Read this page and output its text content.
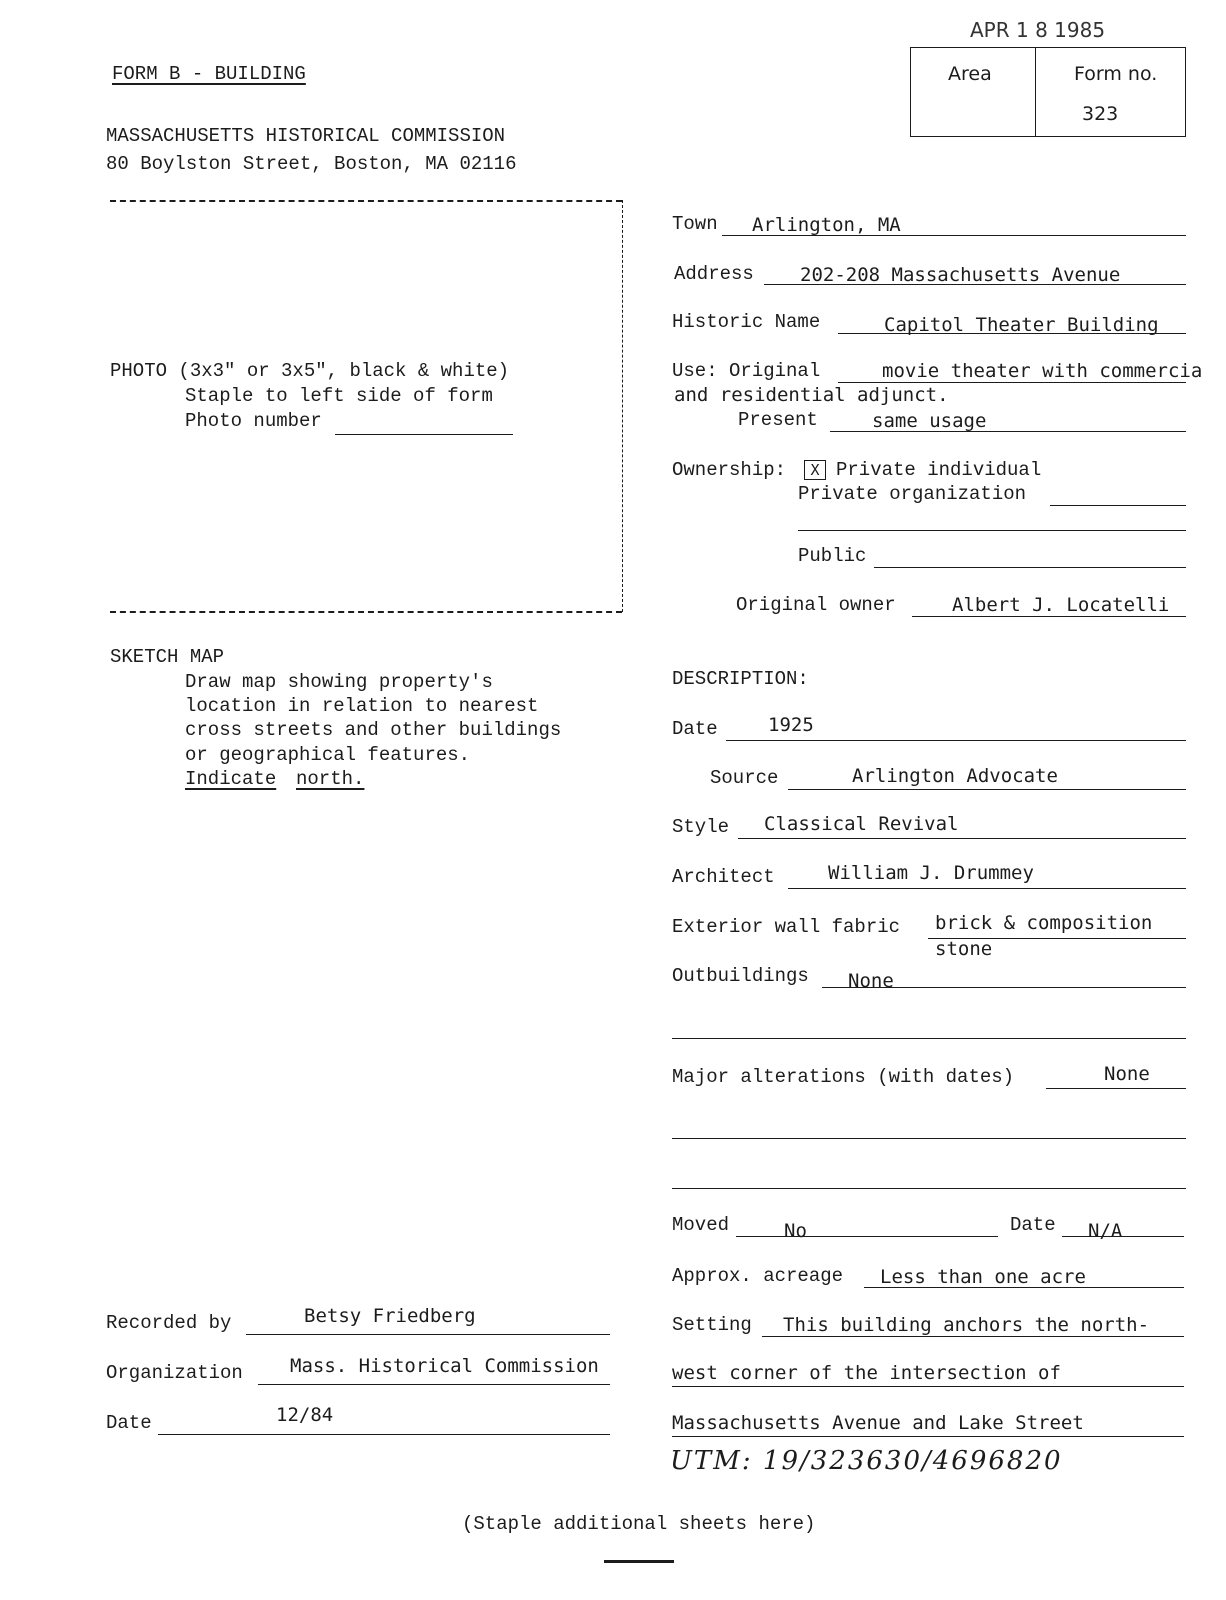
APR 1 8 1985
FORM B - BUILDING
MASSACHUSETTS HISTORICAL COMMISSION
80 Boylston Street, Boston, MA 02116
Area	Form no.
323
PHOTO (3x3" or 3x5", black & white)
Staple to left side of form
Photo number
SKETCH MAP
Draw map showing property's
location in relation to nearest
cross streets and other buildings
or geographical features.
Indicate north.
Town Arlington, MA
Address 202-208 Massachusetts Avenue
Historic Name	Capitol Theater Building
Use: Original	movie theater with commercia
and residential adjunct.
Present	same usage
Ownership:	X Private individual
Private organization
Public
Original owner	Albert J. Locatelli
DESCRIPTION:
Date	1925
Source	Arlington Advocate
Style Classical Revival
Architect	William J. Drummey
Exterior wall fabric brick & composition
stone
Outbuildings None
Major alterations (with dates)	None
Moved	No	Date N/A
Approx. acreage Less than one acre
Setting This building anchors the north-
west corner of the intersection of
Massachusetts Avenue and Lake Street
UTM: 19/323630/4696820
Recorded by	Betsy Friedberg
Organization Mass. Historical Commission
Date	12/84
(Staple additional sheets here)
